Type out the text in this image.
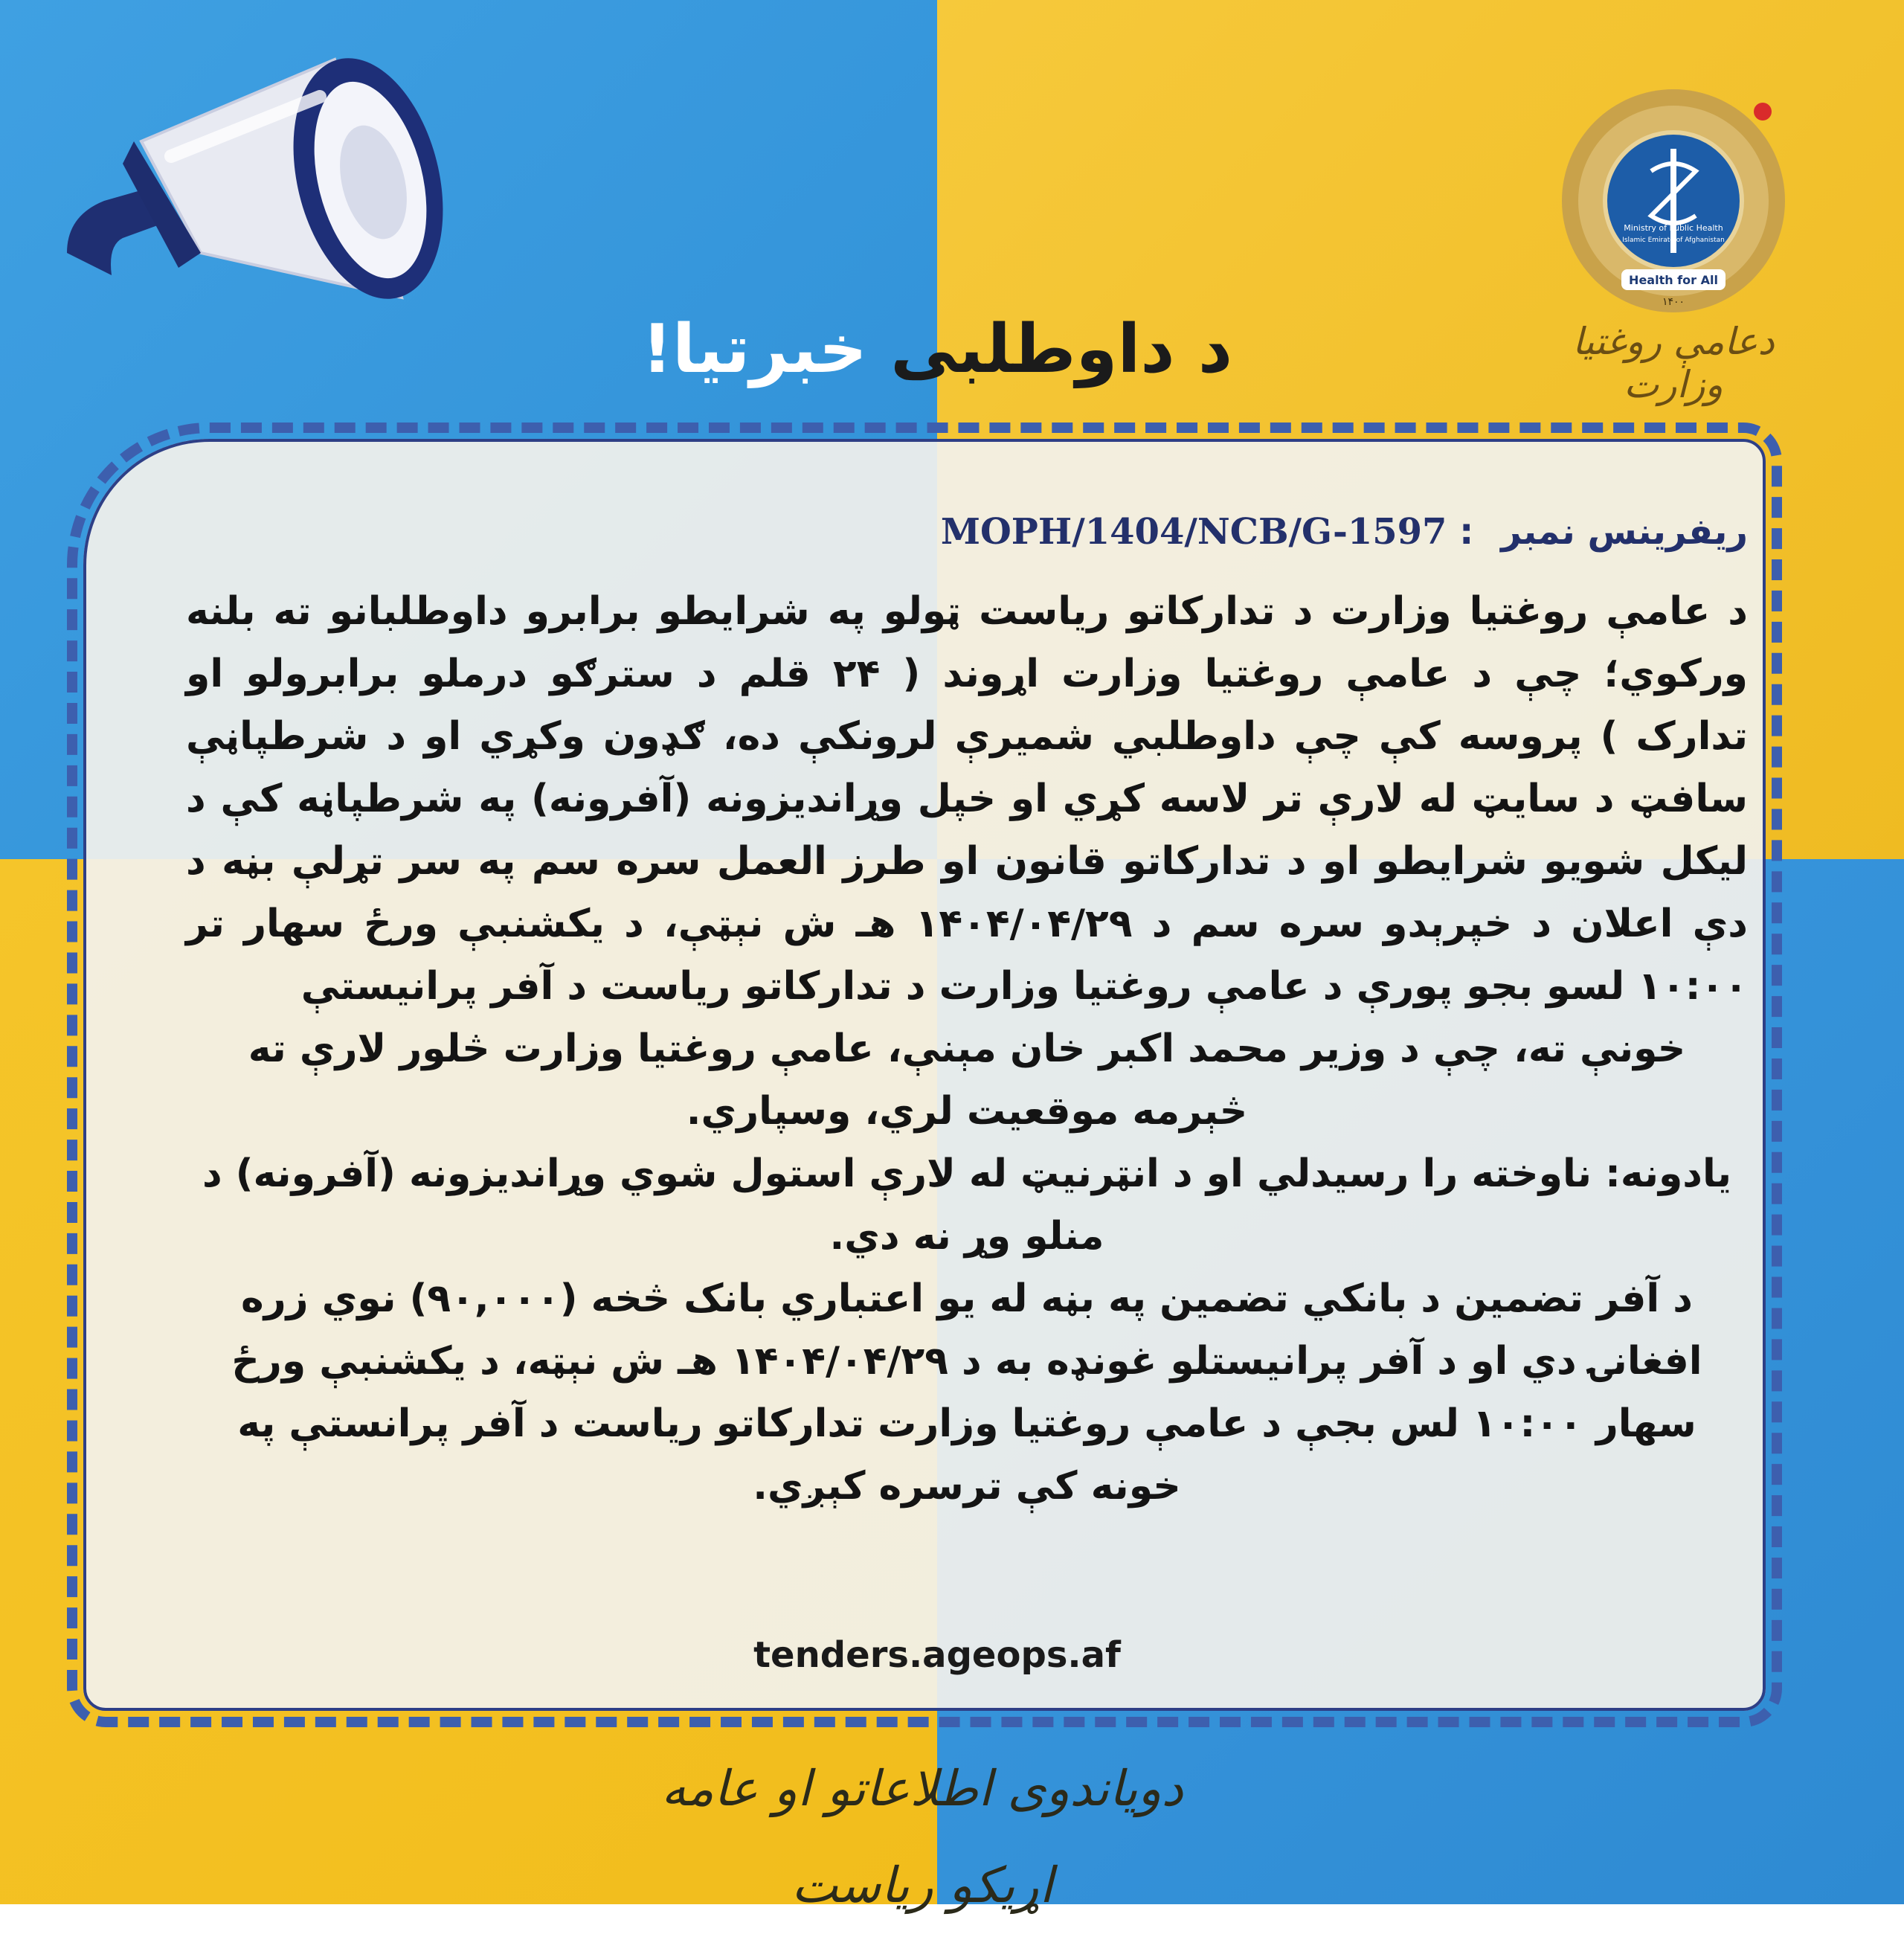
Health for All
۱۴۰۰
Ministry of Public Health
Islamic Emirate of Afghanistan
دعامې روغتیا وزارت
د داوطلبی خبرتیا!
ریفرینس نمبر : MOPH/1404/NCB/G-1597

د عامې روغتیا وزارت د تدارکاتو ریاست ټولو په شرایطو برابرو داوطلبانو ته بلنه ورکوي؛ چې د عامې روغتیا وزارت اړوند ( ۲۴ قلم د سترګو درملو برابرولو او تدارک ) پروسه کې چې داوطلبي شمیرې لرونکې ده، ګډون وکړي او د شرطپاڼې سافټ د سایټ له لارې تر لاسه کړي او خپل وړاندیزونه (آفرونه) په شرطپاڼه کې د لیکل شویو شرایطو او د تدارکاتو قانون او طرز العمل سره سم په سر تړلې بڼه د دې اعلان د خپرېدو سره سم د ۱۴۰۴/۰۴/۲۹ هـ ش نېټې، د یکشنبې ورځ سهار تر ۱۰:۰۰ لسو بجو پورې د عامې روغتیا وزارت د تدارکاتو ریاست د آفر پرانیستې

خونې ته، چې د وزیر محمد اکبر خان مېنې، عامې روغتیا وزارت څلور لارې ته څېرمه موقعیت لري، وسپاري.

یادونه: ناوخته را رسیدلي او د انټرنیټ له لارې استول شوي وړاندیزونه (آفرونه) د منلو وړ نه دي.

د آفر تضمین د بانکي تضمین په بڼه له یو اعتباري بانک څخه (۹۰,۰۰۰) نوي زره افغانۍ دي او د آفر پرانیستلو غونډه به د ۱۴۰۴/۰۴/۲۹ هـ ش نېټه، د یکشنبې ورځ سهار ۱۰:۰۰ لس بجې د عامې روغتیا وزارت تدارکاتو ریاست د آفر پرانستې په خونه کې ترسره کېږي.

tenders.ageops.af
دویاندوی اطلاعاتو او عامه اړیکو ریاست
